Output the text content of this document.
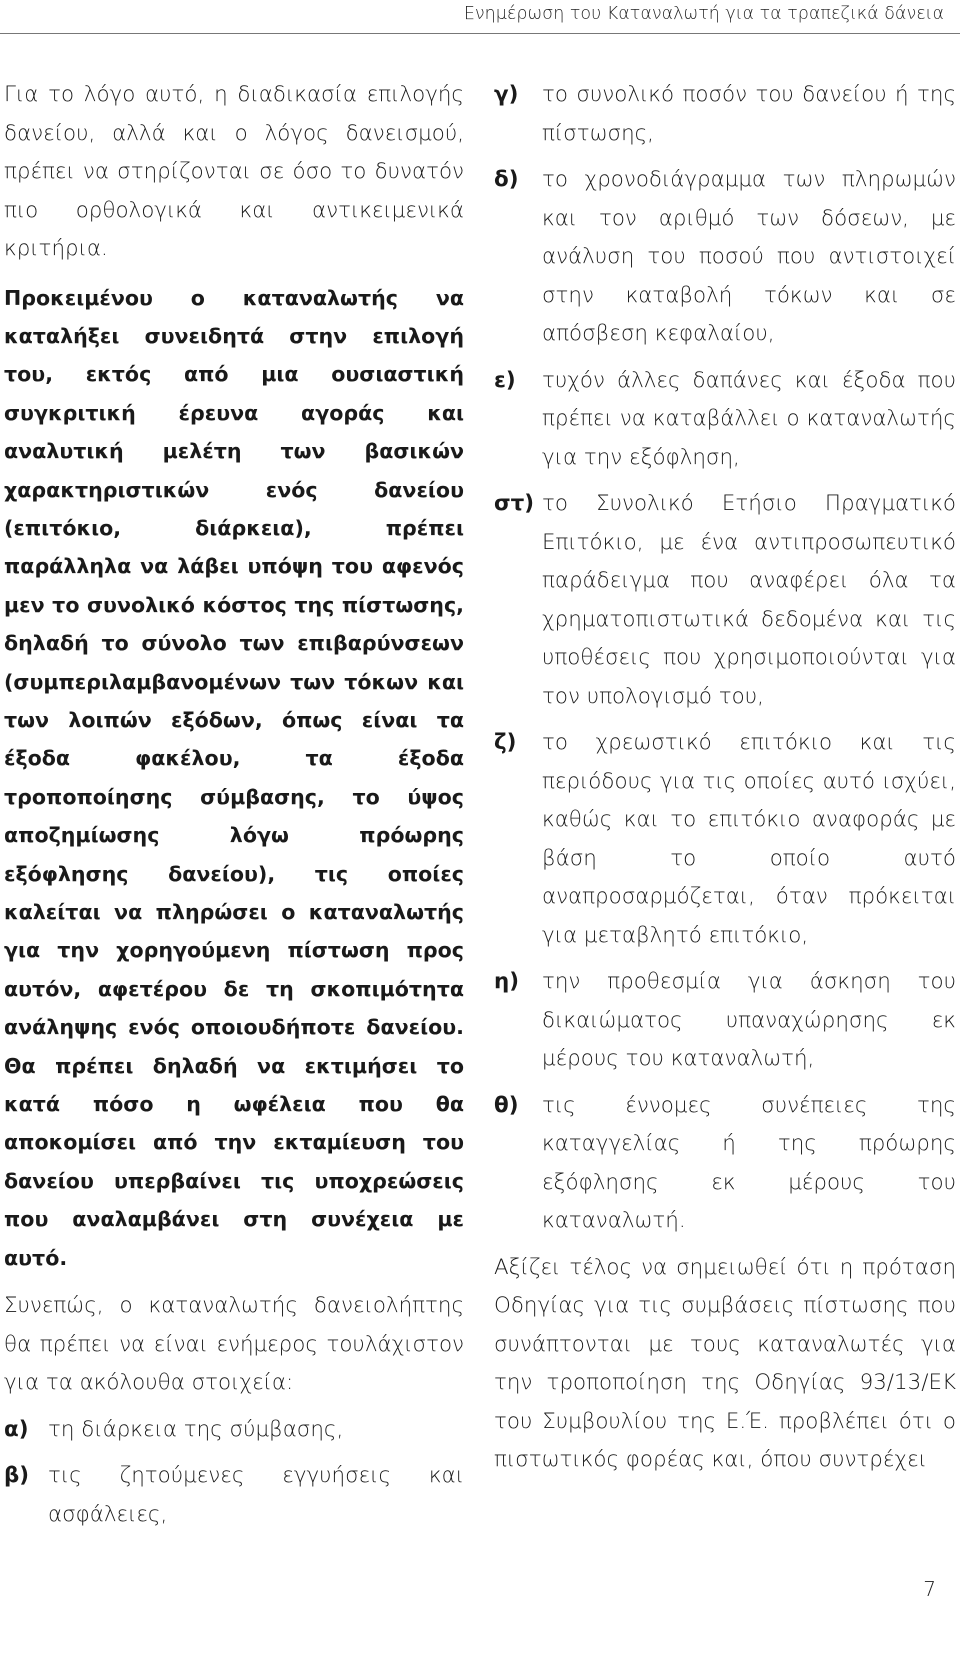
Ενημέρωση του Καταναλωτή για τα τραπεζικά δάνεια

Για το λόγο αυτό, η διαδικασία επιλογής δανείου, αλλά και ο λόγος δανεισμού, πρέπει να στηρίζονται σε όσο το δυνατόν πιο ορθολογικά και αντικειμενικά κριτήρια.

Προκειμένου ο καταναλωτής να καταλήξει συνειδητά στην επιλογή του, εκτός από μια ουσιαστική συγκριτική έρευνα αγοράς και αναλυτική μελέτη των βασικών χαρακτηριστικών ενός δανείου (επιτόκιο, διάρκεια), πρέπει παράλληλα να λάβει υπόψη του αφενός μεν το συνολικό κόστος της πίστωσης, δηλαδή το σύνολο των επιβαρύνσεων (συμπεριλαμβανομένων των τόκων και των λοιπών εξόδων, όπως είναι τα έξοδα φακέλου, τα έξοδα τροποποίησης σύμβασης, το ύψος αποζημίωσης λόγω πρόωρης εξόφλησης δανείου), τις οποίες καλείται να πληρώσει ο καταναλωτής για την χορηγούμενη πίστωση προς αυτόν, αφετέρου δε τη σκοπιμότητα ανάληψης ενός οποιουδήποτε δανείου. Θα πρέπει δηλαδή να εκτιμήσει το κατά πόσο η ωφέλεια που θα αποκομίσει από την εκταμίευση του δανείου υπερβαίνει τις υποχρεώσεις που αναλαμβάνει στη συνέχεια με αυτό.

Συνεπώς, ο καταναλωτής δανειολήπτης θα πρέπει να είναι ενήμερος τουλάχιστον για τα ακόλουθα στοιχεία:

α) τη διάρκεια της σύμβασης,
β) τις ζητούμενες εγγυήσεις και ασφάλειες,
γ)	το συνολικό ποσόν του δανείου ή της πίστωσης,
δ)	το χρονοδιάγραμμα των πληρωμών και τον αριθμό των δόσεων, με ανάλυση του ποσού που αντιστοιχεί στην καταβολή τόκων και σε απόσβεση κεφαλαίου,
ε)	τυχόν άλλες δαπάνες και έξοδα που πρέπει να καταβάλλει ο καταναλωτής για την εξόφληση,
στ) το Συνολικό Ετήσιο Πραγματικό Επιτόκιο, με ένα αντιπροσωπευτικό παράδειγμα που αναφέρει όλα τα χρηματοπιστωτικά δεδομένα και τις υποθέσεις που χρησιμοποιούνται για τον υπολογισμό του,
ζ)	το χρεωστικό επιτόκιο και τις περιόδους για τις οποίες αυτό ισχύει, καθώς και το επιτόκιο αναφοράς με βάση το οποίο αυτό αναπροσαρμόζεται, όταν πρόκειται για μεταβλητό επιτόκιο,
η)	την προθεσμία για άσκηση του δικαιώματος υπαναχώρησης εκ μέρους του καταναλωτή,
θ)	τις έννομες συνέπειες της καταγγελίας ή της πρόωρης εξόφλησης εκ μέρους του καταναλωτή.

Αξίζει τέλος να σημειωθεί ότι η πρόταση Οδηγίας για τις συμβάσεις πίστωσης που συνάπτονται με τους καταναλωτές για την τροποποίηση της Οδηγίας 93/13/ΕΚ του Συμβουλίου της Ε.Έ. προβλέπει ότι ο πιστωτικός φορέας και, όπου συντρέχει

7
